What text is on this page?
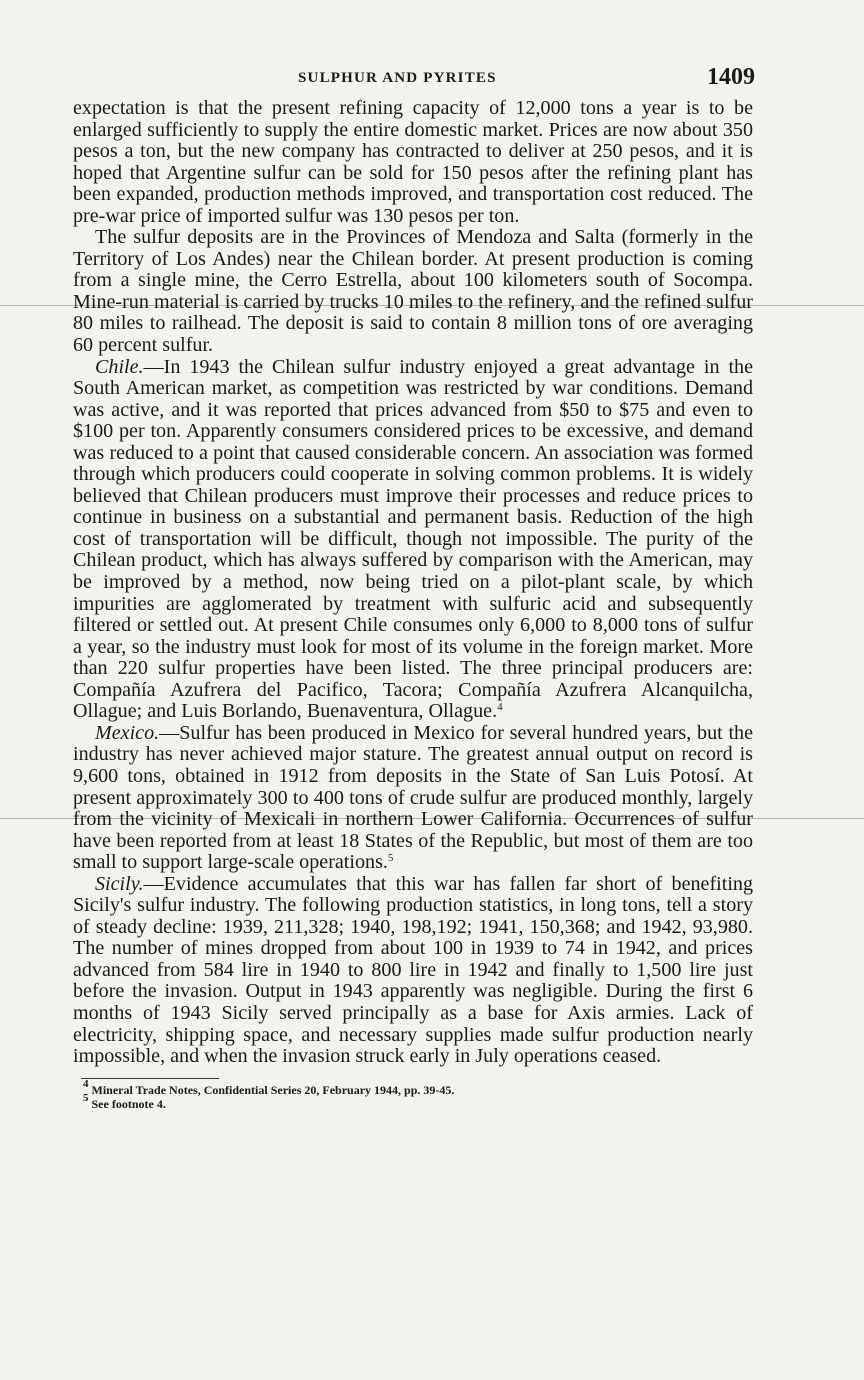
SULPHUR AND PYRITES	1409

expectation is that the present refining capacity of 12,000 tons a year is to be enlarged sufficiently to supply the entire domestic market. Prices are now about 350 pesos a ton, but the new company has contracted to deliver at 250 pesos, and it is hoped that Argentine sulfur can be sold for 150 pesos after the refining plant has been expanded, production methods improved, and transportation cost reduced. The pre-war price of imported sulfur was 130 pesos per ton.

The sulfur deposits are in the Provinces of Mendoza and Salta (formerly in the Territory of Los Andes) near the Chilean border. At present production is coming from a single mine, the Cerro Estrella, about 100 kilometers south of Socompa. Mine-run material is carried by trucks 10 miles to the refinery, and the refined sulfur 80 miles to railhead. The deposit is said to contain 8 million tons of ore averaging 60 percent sulfur.

Chile.—In 1943 the Chilean sulfur industry enjoyed a great advantage in the South American market, as competition was restricted by war conditions. Demand was active, and it was reported that prices advanced from $50 to $75 and even to $100 per ton. Apparently consumers considered prices to be excessive, and demand was reduced to a point that caused considerable concern. An association was formed through which producers could cooperate in solving common problems. It is widely believed that Chilean producers must improve their processes and reduce prices to continue in business on a substantial and permanent basis. Reduction of the high cost of transportation will be difficult, though not impossible. The purity of the Chilean product, which has always suffered by comparison with the American, may be improved by a method, now being tried on a pilot-plant scale, by which impurities are agglomerated by treatment with sulfuric acid and subsequently filtered or settled out. At present Chile consumes only 6,000 to 8,000 tons of sulfur a year, so the industry must look for most of its volume in the foreign market. More than 220 sulfur properties have been listed. The three principal producers are: Compañía Azufrera del Pacifico, Tacora; Compañía Azufrera Alcanquilcha, Ollague; and Luis Borlando, Buenaventura, Ollague.$^4$

Mexico.—Sulfur has been produced in Mexico for several hundred years, but the industry has never achieved major stature. The greatest annual output on record is 9,600 tons, obtained in 1912 from deposits in the State of San Luis Potosí. At present approximately 300 to 400 tons of crude sulfur are produced monthly, largely from the vicinity of Mexicali in northern Lower California. Occurrences of sulfur have been reported from at least 18 States of the Republic, but most of them are too small to support large-scale operations.$^5$

Sicily.—Evidence accumulates that this war has fallen far short of benefiting Sicily's sulfur industry. The following production statistics, in long tons, tell a story of steady decline: 1939, 211,328; 1940, 198,192; 1941, 150,368; and 1942, 93,980. The number of mines dropped from about 100 in 1939 to 74 in 1942, and prices advanced from 584 lire in 1940 to 800 lire in 1942 and finally to 1,500 lire just before the invasion. Output in 1943 apparently was negligible. During the first 6 months of 1943 Sicily served principally as a base for Axis armies. Lack of electricity, shipping space, and necessary supplies made sulfur production nearly impossible, and when the invasion struck early in July operations ceased.

$^4$ Mineral Trade Notes, Confidential Series 20, February 1944, pp. 39-45.

$^5$ See footnote 4.
